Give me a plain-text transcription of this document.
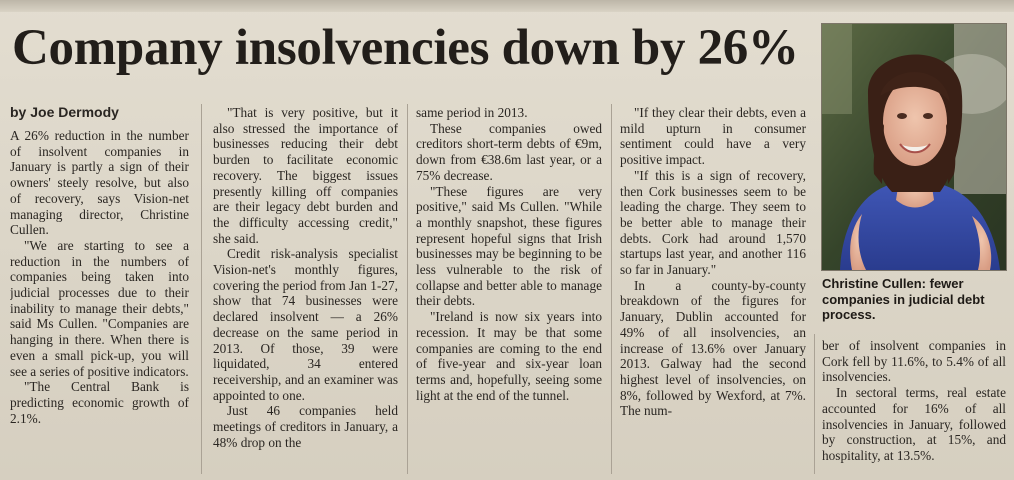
Company insolvencies down by 26%
by Joe Dermody

A 26% reduction in the number of insolvent companies in January is partly a sign of their owners' steely resolve, but also of recovery, says Vision-net managing director, Christine Cullen.

"We are starting to see a reduction in the numbers of companies being taken into judicial processes due to their inability to manage their debts," said Ms Cullen. "Companies are hanging in there. When there is even a small pick-up, you will see a series of positive indicators.

"The Central Bank is predicting economic growth of 2.1%.

"That is very positive, but it also stressed the importance of businesses reducing their debt burden to facilitate economic recovery. The biggest issues presently killing off companies are their legacy debt burden and the difficulty accessing credit," she said.

Credit risk-analysis specialist Vision-net's monthly figures, covering the period from Jan 1-27, show that 74 businesses were declared insolvent — a 26% decrease on the same period in 2013. Of those, 39 were liquidated, 34 entered receivership, and an examiner was appointed to one.

Just 46 companies held meetings of creditors in January, a 48% drop on the

same period in 2013.

These companies owed creditors short-term debts of €9m, down from €38.6m last year, or a 75% decrease.

"These figures are very positive," said Ms Cullen. "While a monthly snapshot, these figures represent hopeful signs that Irish businesses may be beginning to be less vulnerable to the risk of collapse and better able to manage their debts.

"Ireland is now six years into recession. It may be that some companies are coming to the end of five-year and six-year loan terms and, hopefully, seeing some light at the end of the tunnel.

"If they clear their debts, even a mild upturn in consumer sentiment could have a very positive impact.

"If this is a sign of recovery, then Cork businesses seem to be leading the charge. They seem to be better able to manage their debts. Cork had around 1,570 startups last year, and another 116 so far in January."

In a county-by-county breakdown of the figures for January, Dublin accounted for 49% of all insolvencies, an increase of 13.6% over January 2013. Galway had the second highest level of insolvencies, on 8%, followed by Wexford, at 7%. The num-

Christine Cullen: fewer companies in judicial debt process.

ber of insolvent companies in Cork fell by 11.6%, to 5.4% of all insolvencies.

In sectoral terms, real estate accounted for 16% of all insolvencies in January, followed by construction, at 15%, and hospitality, at 13.5%.
